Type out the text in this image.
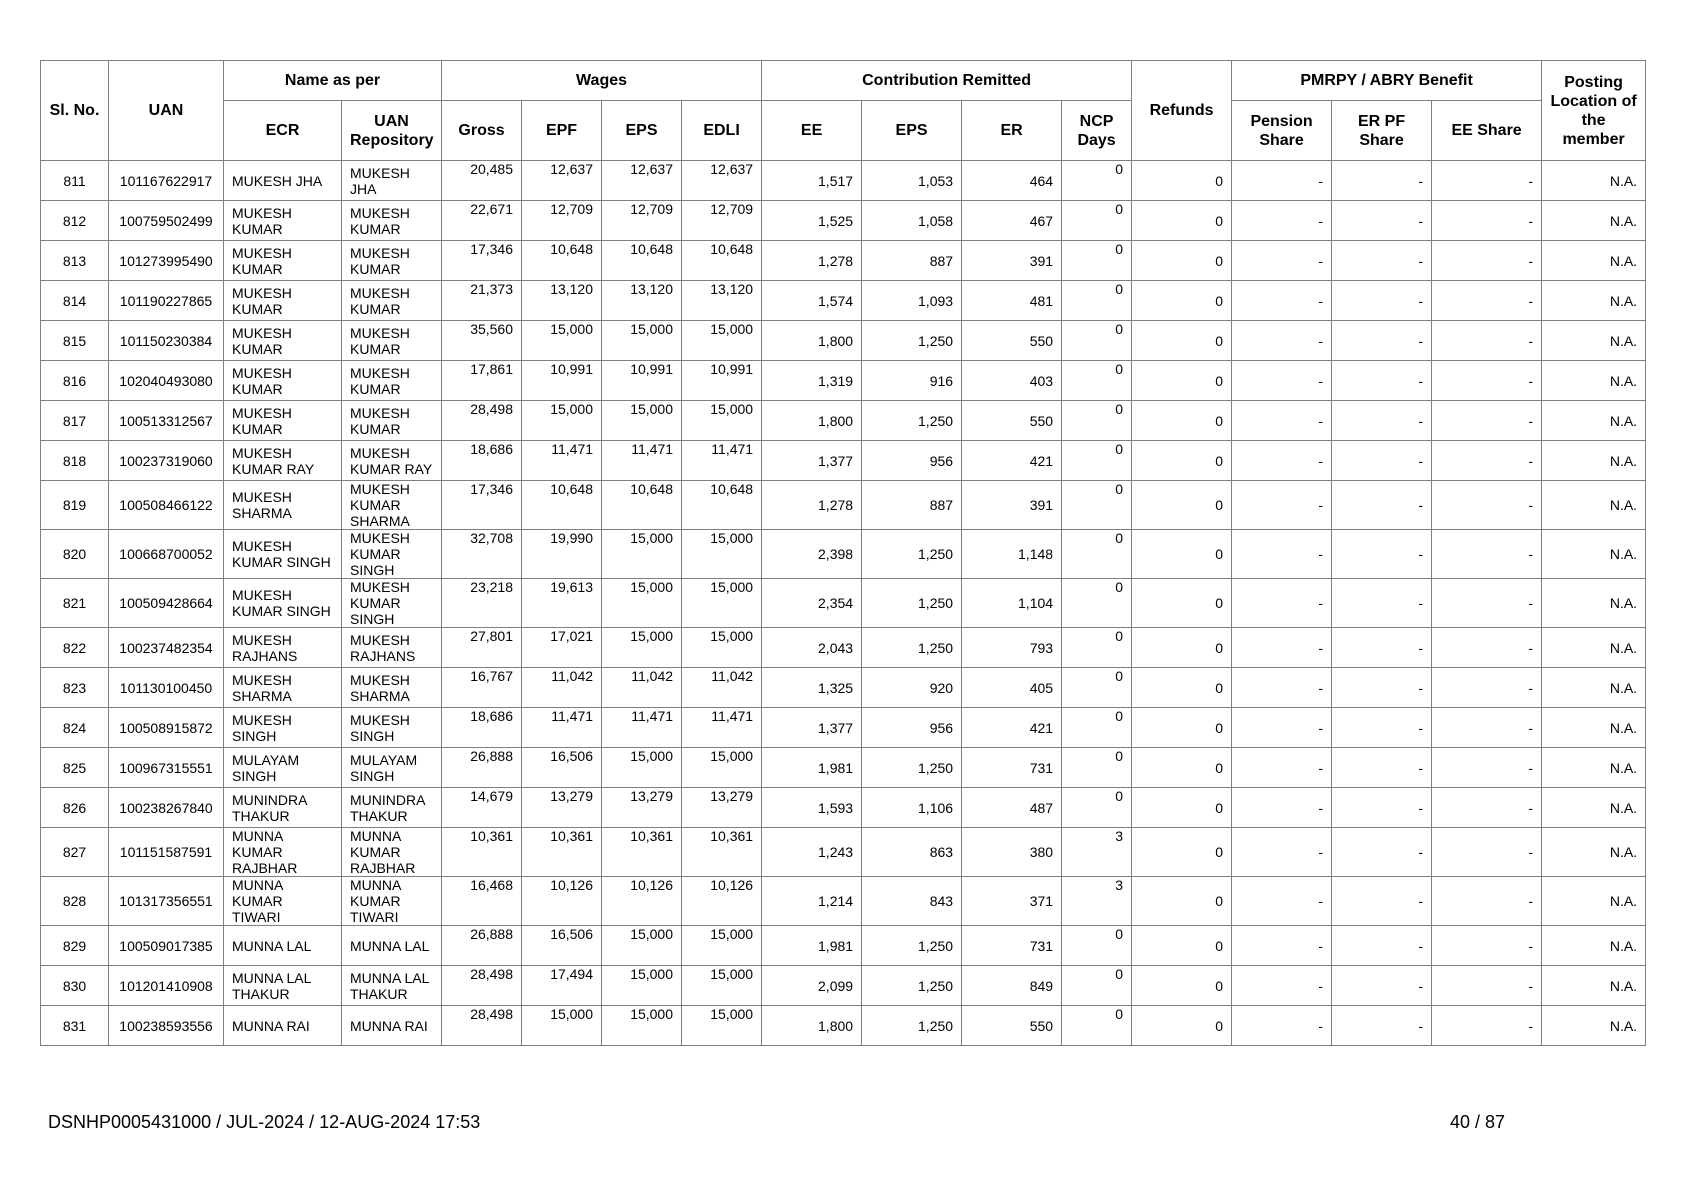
Sl. No.	UAN	Name as per		Wages				Contribution Remitted				Refunds	PMRPY / ABRY Benefit			Posting Location of the member
		ECR	UAN Repository	Gross	EPF	EPS	EDLI	EE	EPS	ER	NCP Days		Pension Share	ER PF Share	EE Share	
811	101167622917	MUKESH JHA	MUKESH JHA	20,485	12,637	12,637	12,637	1,517	1,053	464	0	0	-	-	-	N.A.
812	100759502499	MUKESH KUMAR	MUKESH KUMAR	22,671	12,709	12,709	12,709	1,525	1,058	467	0	0	-	-	-	N.A.
813	101273995490	MUKESH KUMAR	MUKESH KUMAR	17,346	10,648	10,648	10,648	1,278	887	391	0	0	-	-	-	N.A.
814	101190227865	MUKESH KUMAR	MUKESH KUMAR	21,373	13,120	13,120	13,120	1,574	1,093	481	0	0	-	-	-	N.A.
815	101150230384	MUKESH KUMAR	MUKESH KUMAR	35,560	15,000	15,000	15,000	1,800	1,250	550	0	0	-	-	-	N.A.
816	102040493080	MUKESH KUMAR	MUKESH KUMAR	17,861	10,991	10,991	10,991	1,319	916	403	0	0	-	-	-	N.A.
817	100513312567	MUKESH KUMAR	MUKESH KUMAR	28,498	15,000	15,000	15,000	1,800	1,250	550	0	0	-	-	-	N.A.
818	100237319060	MUKESH KUMAR RAY	MUKESH KUMAR RAY	18,686	11,471	11,471	11,471	1,377	956	421	0	0	-	-	-	N.A.
819	100508466122	MUKESH SHARMA	MUKESH KUMAR SHARMA	17,346	10,648	10,648	10,648	1,278	887	391	0	0	-	-	-	N.A.
820	100668700052	MUKESH KUMAR SINGH	MUKESH KUMAR SINGH	32,708	19,990	15,000	15,000	2,398	1,250	1,148	0	0	-	-	-	N.A.
821	100509428664	MUKESH KUMAR SINGH	MUKESH KUMAR SINGH	23,218	19,613	15,000	15,000	2,354	1,250	1,104	0	0	-	-	-	N.A.
822	100237482354	MUKESH RAJHANS	MUKESH RAJHANS	27,801	17,021	15,000	15,000	2,043	1,250	793	0	0	-	-	-	N.A.
823	101130100450	MUKESH SHARMA	MUKESH SHARMA	16,767	11,042	11,042	11,042	1,325	920	405	0	0	-	-	-	N.A.
824	100508915872	MUKESH SINGH	MUKESH SINGH	18,686	11,471	11,471	11,471	1,377	956	421	0	0	-	-	-	N.A.
825	100967315551	MULAYAM SINGH	MULAYAM SINGH	26,888	16,506	15,000	15,000	1,981	1,250	731	0	0	-	-	-	N.A.
826	100238267840	MUNINDRA THAKUR	MUNINDRA THAKUR	14,679	13,279	13,279	13,279	1,593	1,106	487	0	0	-	-	-	N.A.
827	101151587591	MUNNA KUMAR RAJBHAR	MUNNA KUMAR RAJBHAR	10,361	10,361	10,361	10,361	1,243	863	380	3	0	-	-	-	N.A.
828	101317356551	MUNNA KUMAR TIWARI	MUNNA KUMAR TIWARI	16,468	10,126	10,126	10,126	1,214	843	371	3	0	-	-	-	N.A.
829	100509017385	MUNNA LAL	MUNNA LAL	26,888	16,506	15,000	15,000	1,981	1,250	731	0	0	-	-	-	N.A.
830	101201410908	MUNNA LAL THAKUR	MUNNA LAL THAKUR	28,498	17,494	15,000	15,000	2,099	1,250	849	0	0	-	-	-	N.A.
831	100238593556	MUNNA RAI	MUNNA RAI	28,498	15,000	15,000	15,000	1,800	1,250	550	0	0	-	-	-	N.A.
DSNHP0005431000 / JUL-2024 / 12-AUG-2024 17:53	40 / 87
